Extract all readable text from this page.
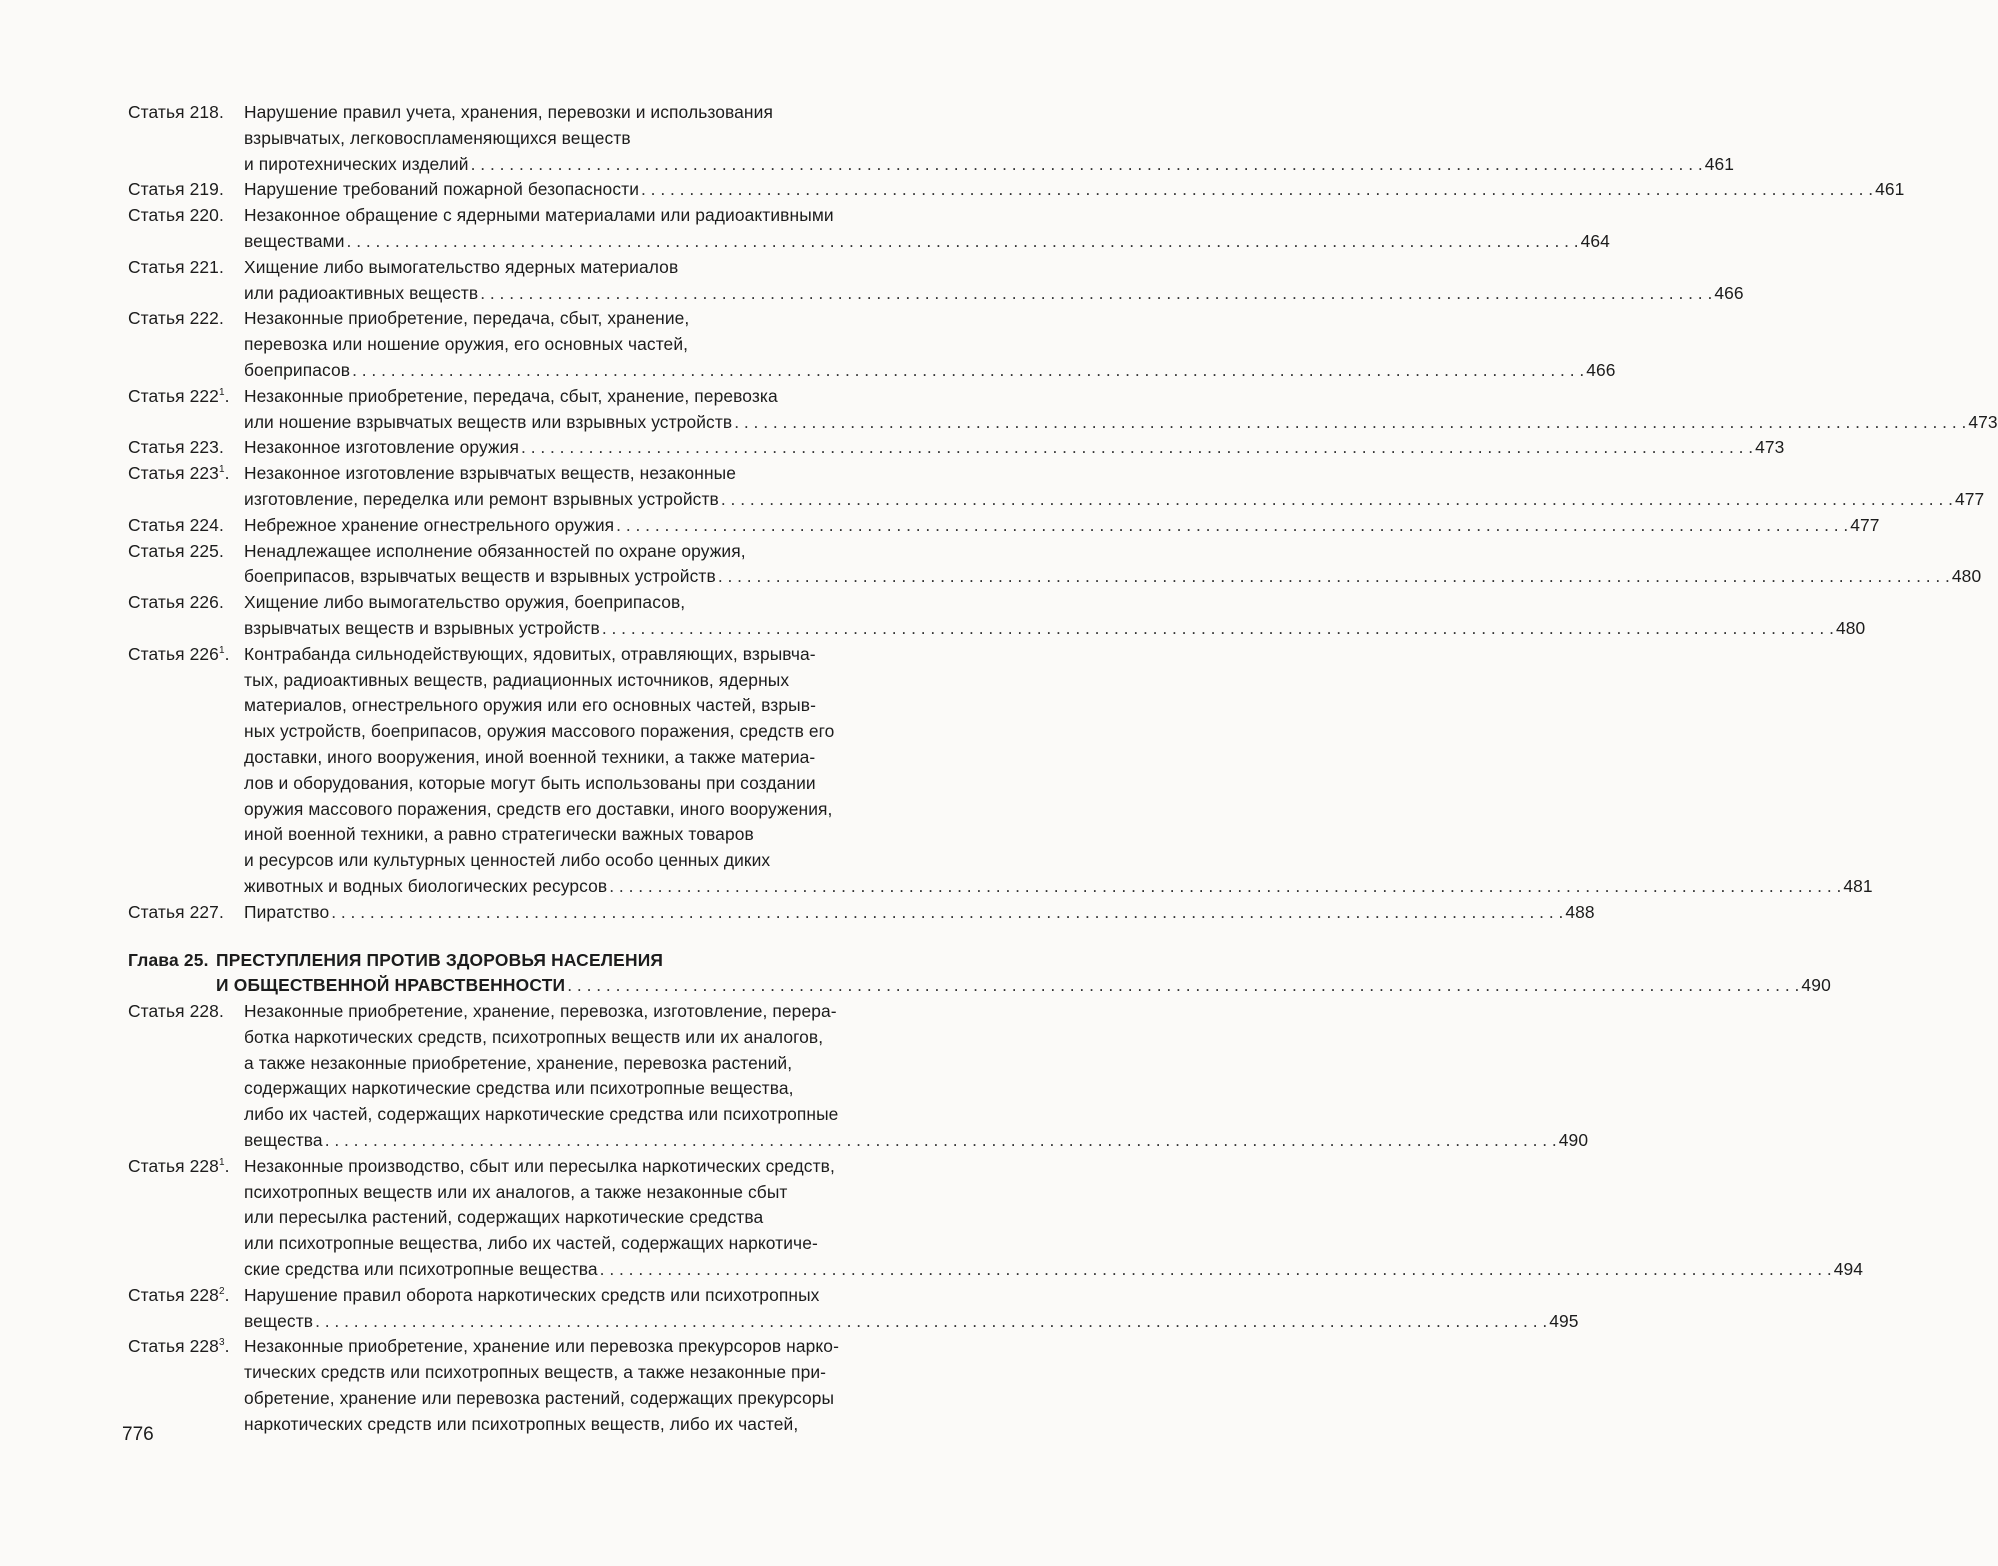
Статья 218.	Нарушение правил учета, хранения, перевозки и использования
взрывчатых, легковоспламеняющихся веществ
и пиротехнических изделий . . .	461
Статья 219.	Нарушение требований пожарной безопасности . . .	461
Статья 220.	Незаконное обращение с ядерными материалами или радиоактивными
веществами . . .	464
Статья 221.	Хищение либо вымогательство ядерных материалов
или радиоактивных веществ . . .	466
Статья 222.	Незаконные приобретение, передача, сбыт, хранение,
перевозка или ношение оружия, его основных частей,
боеприпасов . . .	466
Статья $222^1$. Незаконные приобретение, передача, сбыт, хранение, перевозка
или ношение взрывчатых веществ или взрывных устройств . . .	473
Статья 223.	Незаконное изготовление оружия . . .	473
Статья $223^1$. Незаконное изготовление взрывчатых веществ, незаконные
изготовление, переделка или ремонт взрывных устройств . . .	477
Статья 224.	Небрежное хранение огнестрельного оружия . . .	477
Статья 225.	Ненадлежащее исполнение обязанностей по охране оружия,
боеприпасов, взрывчатых веществ и взрывных устройств . . .	480
Статья 226.	Хищение либо вымогательство оружия, боеприпасов,
взрывчатых веществ и взрывных устройств . . .	480
Статья $226^1$. Контрабанда сильнодействующих, ядовитых, отравляющих, взрывча-
тых, радиоактивных веществ, радиационных источников, ядерных
материалов, огнестрельного оружия или его основных частей, взрыв-
ных устройств, боеприпасов, оружия массового поражения, средств его
доставки, иного вооружения, иной военной техники, а также материа-
лов и оборудования, которые могут быть использованы при создании
оружия массового поражения, средств его доставки, иного вооружения,
иной военной техники, а равно стратегически важных товаров
и ресурсов или культурных ценностей либо особо ценных диких
животных и водных биологических ресурсов . . .	481
Статья 227.	Пиратство . . .	488
Глава 25. ПРЕСТУПЛЕНИЯ ПРОТИВ ЗДОРОВЬЯ НАСЕЛЕНИЯ
И ОБЩЕСТВЕННОЙ НРАВСТВЕННОСТИ . . .	490
Статья 228.	Незаконные приобретение, хранение, перевозка, изготовление, перера-
ботка наркотических средств, психотропных веществ или их аналогов,
а также незаконные приобретение, хранение, перевозка растений,
содержащих наркотические средства или психотропные вещества,
либо их частей, содержащих наркотические средства или психотропные
вещества . . .	490
Статья $228^1$. Незаконные производство, сбыт или пересылка наркотических средств,
психотропных веществ или их аналогов, а также незаконные сбыт
или пересылка растений, содержащих наркотические средства
или психотропные вещества, либо их частей, содержащих наркотиче-
ские средства или психотропные вещества . . .	494
Статья $228^2$. Нарушение правил оборота наркотических средств или психотропных
веществ . . .	495
Статья $228^3$. Незаконные приобретение, хранение или перевозка прекурсоров нарко-
тических средств или психотропных веществ, а также незаконные при-
обретение, хранение или перевозка растений, содержащих прекурсоры
наркотических средств или психотропных веществ, либо их частей,
776
